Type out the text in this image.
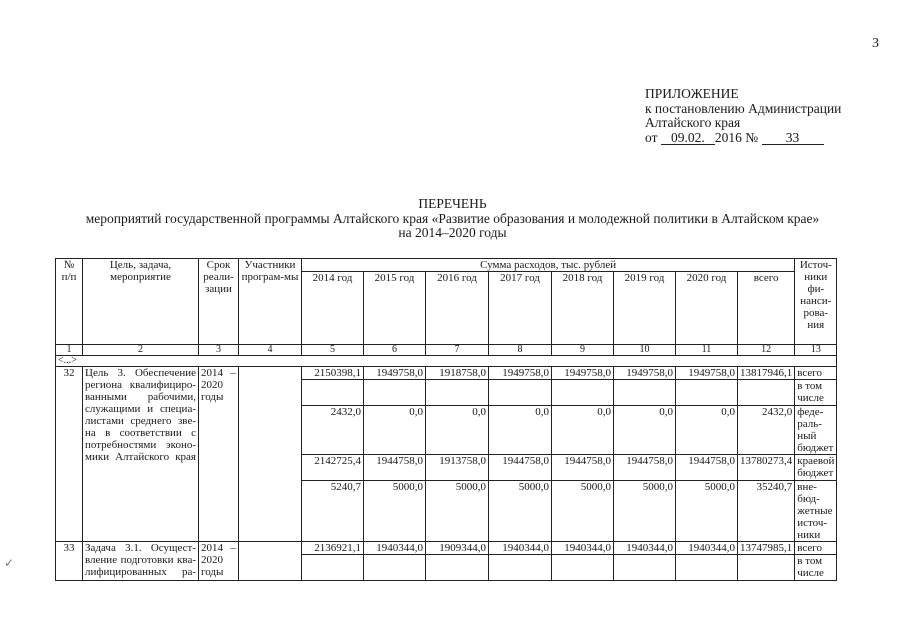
3
ПРИЛОЖЕНИЕ
к постановлению Администрации
Алтайского края
от 09.02. 2016 № 33
ПЕРЕЧЕНЬ
мероприятий государственной программы Алтайского края «Развитие образования и молодежной политики в Алтайском крае»
на 2014–2020 годы
№ п/п	Цель, задача, мероприятие	Срок реали-зации	Участники програм-мы	Сумма расходов, тыс. рублей								Источ-ники фи-нанси-рова-ния
				2014 год	2015 год	2016 год	2017 год	2018 год	2019 год	2020 год	всего	
1	2	3	4	5	6	7	8	9	10	11	12	13
<...>												
32	Цель 3. Обеспечение региона квалифициро-ванными рабочими, служащими и специа-листами среднего зве-на в соответствии с потребностями эконо-мики Алтайского края	2014 – 2020 годы		2150398,1	1949758,0	1918758,0	1949758,0	1949758,0	1949758,0	1949758,0	13817946,1	всего
												в том числе
				2432,0	0,0	0,0	0,0	0,0	0,0	0,0	2432,0	феде-раль-ный бюджет
				2142725,4	1944758,0	1913758,0	1944758,0	1944758,0	1944758,0	1944758,0	13780273,4	краевой бюджет
				5240,7	5000,0	5000,0	5000,0	5000,0	5000,0	5000,0	35240,7	вне-бюд-жетные источ-ники
33	Задача 3.1. Осущест-вление подготовки ква-лифицированных ра-	2014 – 2020 годы		2136921,1	1940344,0	1909344,0	1940344,0	1940344,0	1940344,0	1940344,0	13747985,1	всего
												в том числе
✓
